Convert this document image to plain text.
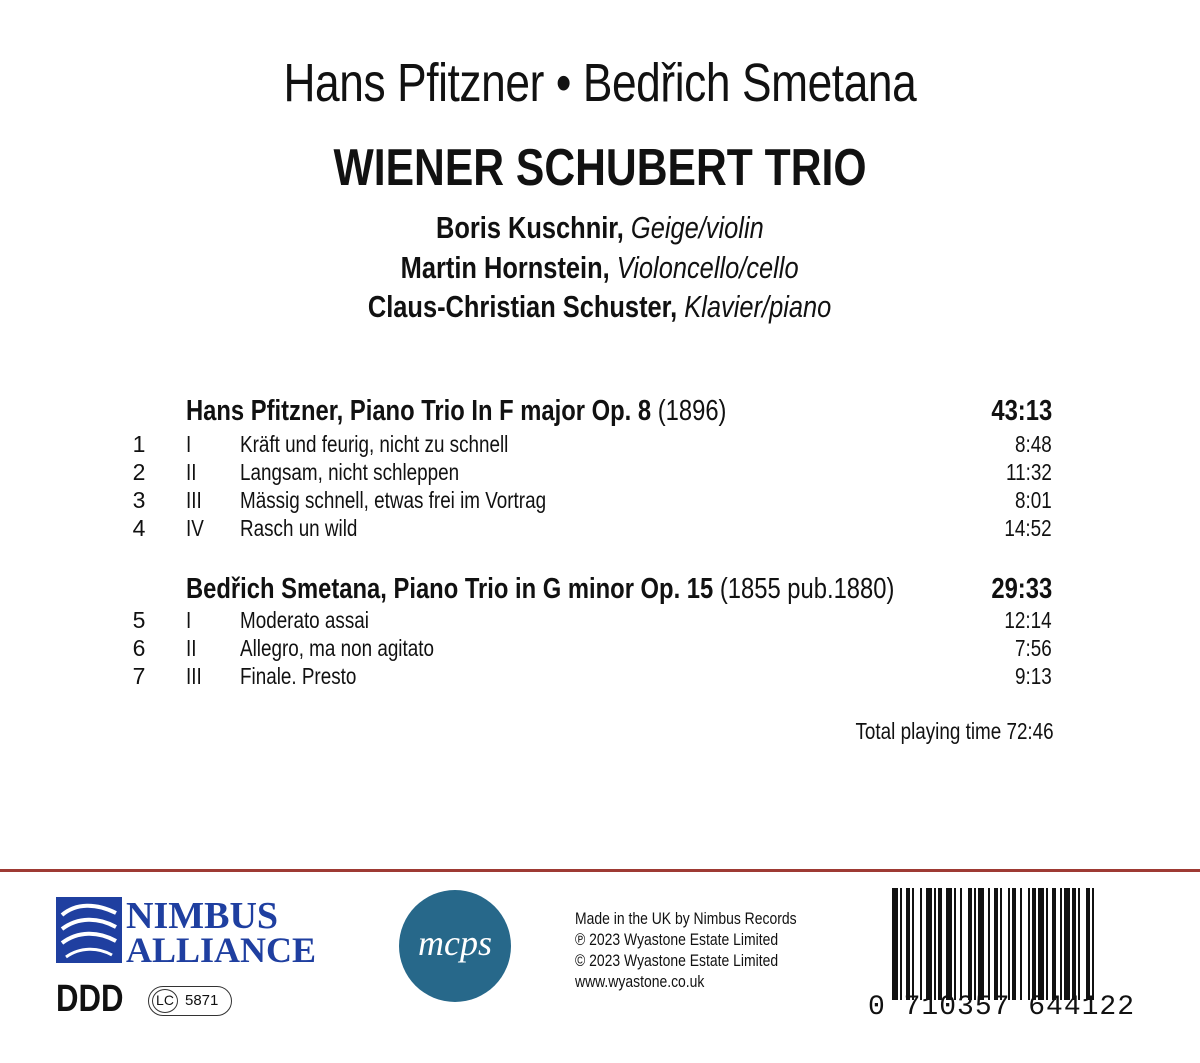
Hans Pfitzner • Bedřich Smetana
WIENER SCHUBERT TRIO
Boris Kuschnir, Geige/violin
Martin Hornstein, Violoncello/cello
Claus-Christian Schuster, Klavier/piano
Hans Pfitzner, Piano Trio In F major Op. 8 (1896)	43:13
1	I Kräft und feurig, nicht zu schnell	8:48
2	II Langsam, nicht schleppen	11:32
3	III Mässig schnell, etwas frei im Vortrag	8:01
4	IV Rasch un wild	14:52
Bedřich Smetana, Piano Trio in G minor Op. 15 (1855 pub.1880)	29:33
5	I Moderato assai	12:14
6	II Allegro, ma non agitato	7:56
7	III Finale. Presto	9:13
Total playing time 72:46
NIMBUS
ALLIANCE
DDD	LC 5871
mcps
Made in the UK by Nimbus Records
℗ 2023 Wyastone Estate Limited
© 2023 Wyastone Estate Limited
www.wyastone.co.uk
0 710357 644122
